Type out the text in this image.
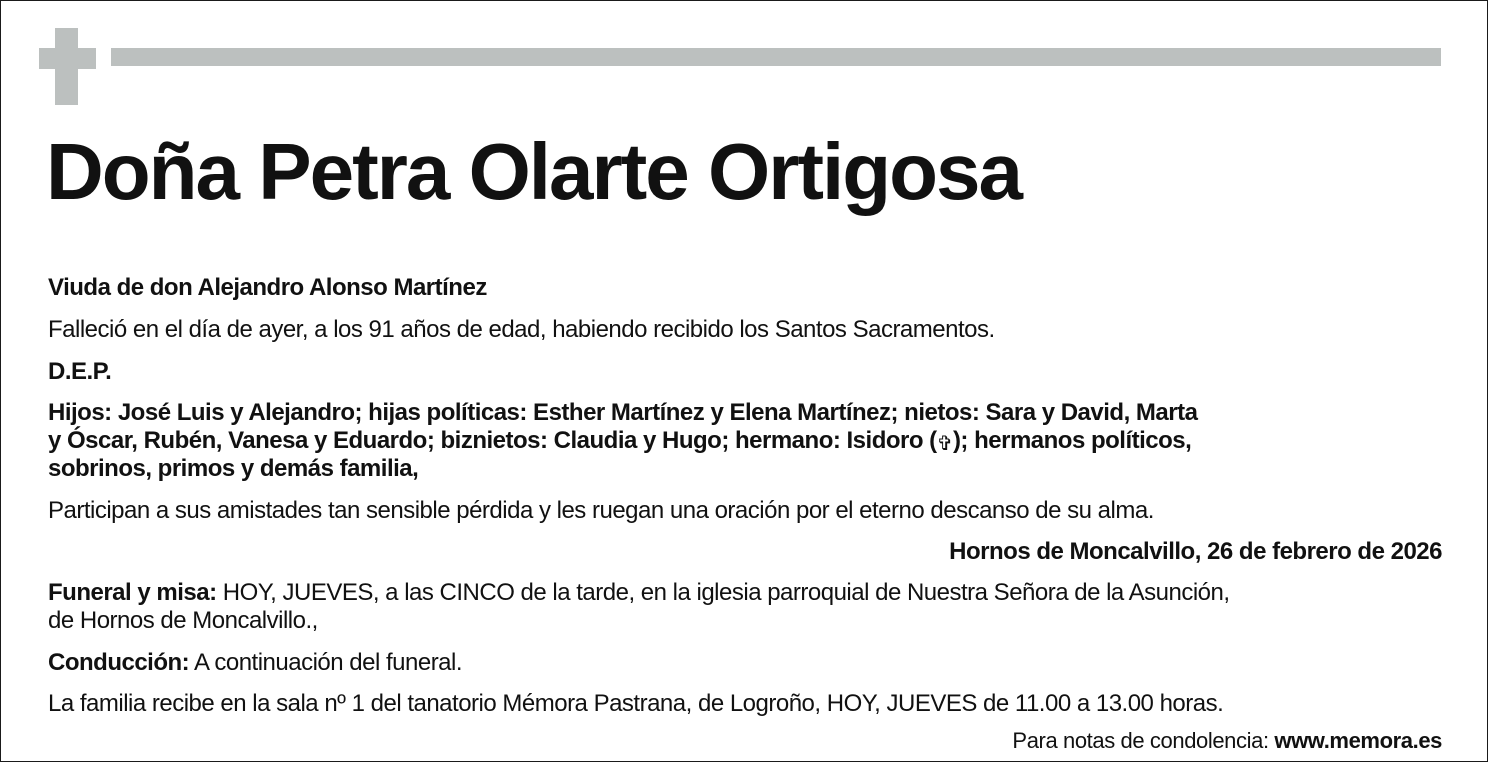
Doña Petra Olarte Ortigosa

Viuda de don Alejandro Alonso Martínez

Falleció en el día de ayer, a los 91 años de edad, habiendo recibido los Santos Sacramentos.

D.E.P.

Hijos: José Luis y Alejandro; hijas políticas: Esther Martínez y Elena Martínez; nietos: Sara y David, Marta

y Óscar, Rubén, Vanesa y Eduardo; biznietos: Claudia y Hugo; hermano: Isidoro (✞); hermanos políticos,

sobrinos, primos y demás familia,

Participan a sus amistades tan sensible pérdida y les ruegan una oración por el eterno descanso de su alma.

Hornos de Moncalvillo, 26 de febrero de 2026

Funeral y misa: HOY, JUEVES, a las CINCO de la tarde, en la iglesia parroquial de Nuestra Señora de la Asunción,

de Hornos de Moncalvillo.,

Conducción: A continuación del funeral.

La familia recibe en la sala nº 1 del tanatorio Mémora Pastrana, de Logroño, HOY, JUEVES de 11.00 a 13.00 horas.

Para notas de condolencia: www.memora.es
